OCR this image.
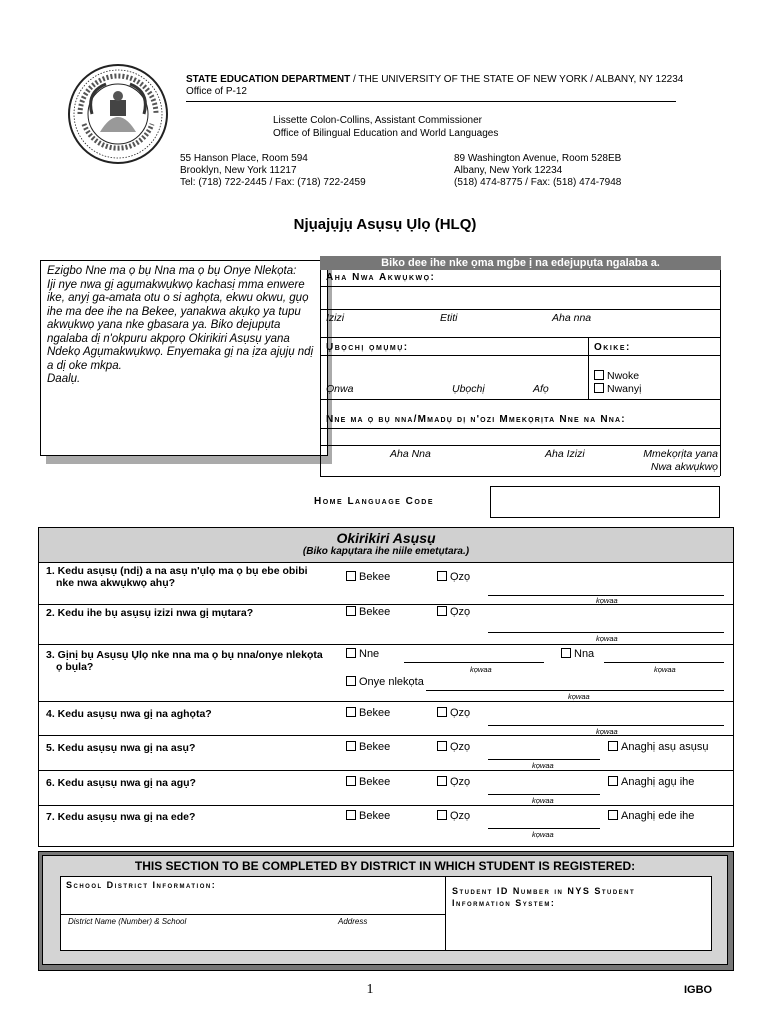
STATE EDUCATION DEPARTMENT / THE UNIVERSITY OF THE STATE OF NEW YORK / ALBANY, NY 12234
Office of P-12
Lissette Colon-Collins, Assistant Commissioner
Office of Bilingual Education and World Languages
55 Hanson Place, Room 594
Brooklyn, New York 11217
Tel: (718) 722-2445 / Fax: (718) 722-2459
89 Washington Avenue, Room 528EB
Albany, New York 12234
(518) 474-8775 / Fax: (518) 474-7948
Njụajụjụ Asụsụ Ụlọ (HLQ)
Ezigbo Nne ma ọ bụ Nna ma ọ bụ Onye Nlekọta:
Iji nye nwa gị agụmakwụkwọ kachasị mma enwere ike, anyị ga-amata otu o si aghọta, ekwu okwu, gụọ ihe ma dee ihe na Bekee, yanakwa akụkọ ya tupu akwụkwọ yana nke gbasara ya. Biko dejupụta ngalaba dị n'okpuru akpọrọ Okirikiri Asụsụ yana Ndekọ Agụmakwụkwọ. Enyemaka gị na ịza ajụjụ ndị a dị oke mkpa.
Daalụ.
Biko dee ihe nke ọma mgbe ị na edejupụta ngalaba a.
Aha Nwa Akwụkwọ:
Izizi	Etiti	Aha nna
Ụbọchị ọmụmụ:	Okike:
Ọnwa	Ụbọchị	Afọ
Nwoke
Nwanyị
Nne ma ọ bụ nna/Mmadụ dị n'ozi Mmekọrịta Nne na Nna:
Aha Nna	Aha Izizi	Mmekọrịta yana
Nwa akwụkwọ
Home Language Code
Okirikiri Asụsụ
(Biko kapụtara ihe niile emetụtara.)
1. Kedu asụsụ (ndị) a na asụ n'ụlọ ma ọ bụ ebe obibi
nke nwa akwụkwọ ahụ?	Bekee	Ọzọ
kọwaa
2. Kedu ihe bụ asụsụ izizi nwa gị mụtara?	Bekee	Ọzọ
kọwaa
3. Gịnị bụ Asụsụ Ụlọ nke nna ma ọ bụ nna/onye nlekọta
ọ bụla?
Nne
kọwaa
Nna
kọwaa
Onye nlekọta
kọwaa
4. Kedu asụsụ nwa gị na aghọta?	Bekee	Ọzọ
kọwaa
5. Kedu asụsụ nwa gị na asụ?	Bekee	Ọzọ
kọwaa
Anaghị asụ asụsụ
6. Kedu asụsụ nwa gị na agụ?	Bekee	Ọzọ
kọwaa
Anaghị agụ ihe
7. Kedu asụsụ nwa gị na ede?	Bekee	Ọzọ
kọwaa
Anaghị ede ihe
THIS SECTION TO BE COMPLETED BY DISTRICT IN WHICH STUDENT IS REGISTERED:
School District Information:
District Name (Number) & School	Address
Student ID Number in NYS Student
Information System:
1	IGBO
